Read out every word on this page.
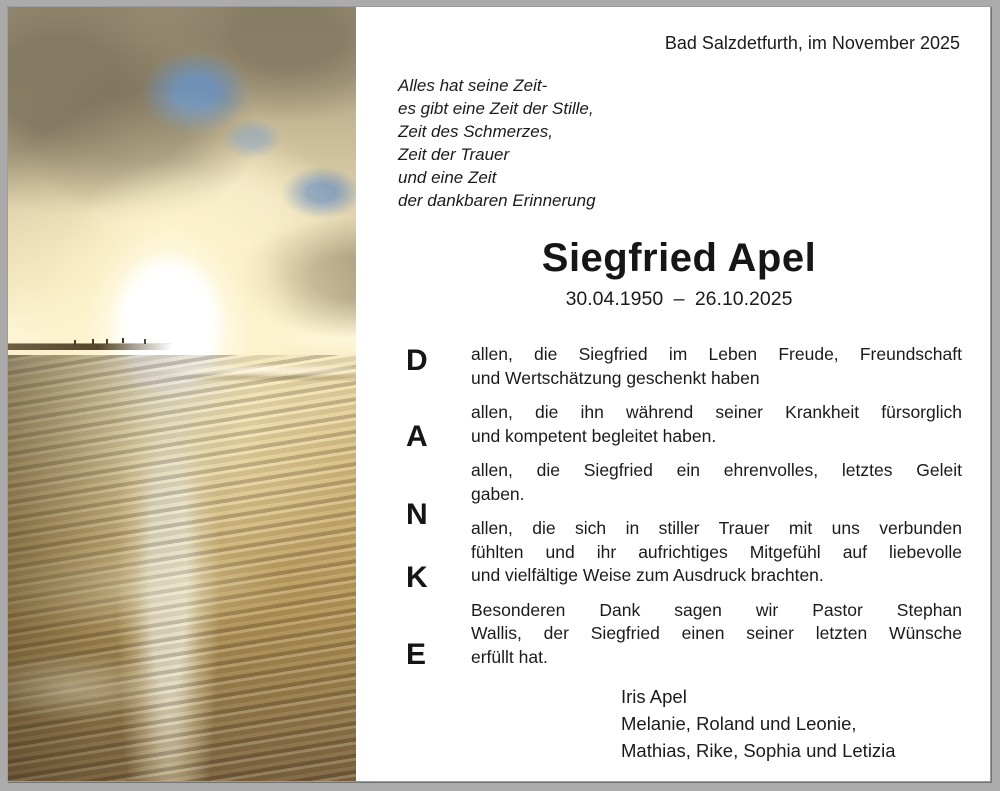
Bad Salzdetfurth, im November 2025
Alles hat seine Zeit-
es gibt eine Zeit der Stille,
Zeit des Schmerzes,
Zeit der Trauer
und eine Zeit
der dankbaren Erinnerung
Siegfried Apel
30.04.1950 – 26.10.2025
D
A
N
K
E

allen, die Siegfried im Leben Freude, Freundschaft
und Wertschätzung geschenkt haben

allen, die ihn während seiner Krankheit fürsorglich
und kompetent begleitet haben.

allen, die Siegfried ein ehrenvolles, letztes Geleit
gaben.

allen, die sich in stiller Trauer mit uns verbunden
fühlten und ihr aufrichtiges Mitgefühl auf liebevolle
und vielfältige Weise zum Ausdruck brachten.

Besonderen Dank sagen wir Pastor Stephan
Wallis, der Siegfried einen seiner letzten Wünsche
erfüllt hat.

Iris Apel
Melanie, Roland und Leonie,
Mathias, Rike, Sophia und Letizia
